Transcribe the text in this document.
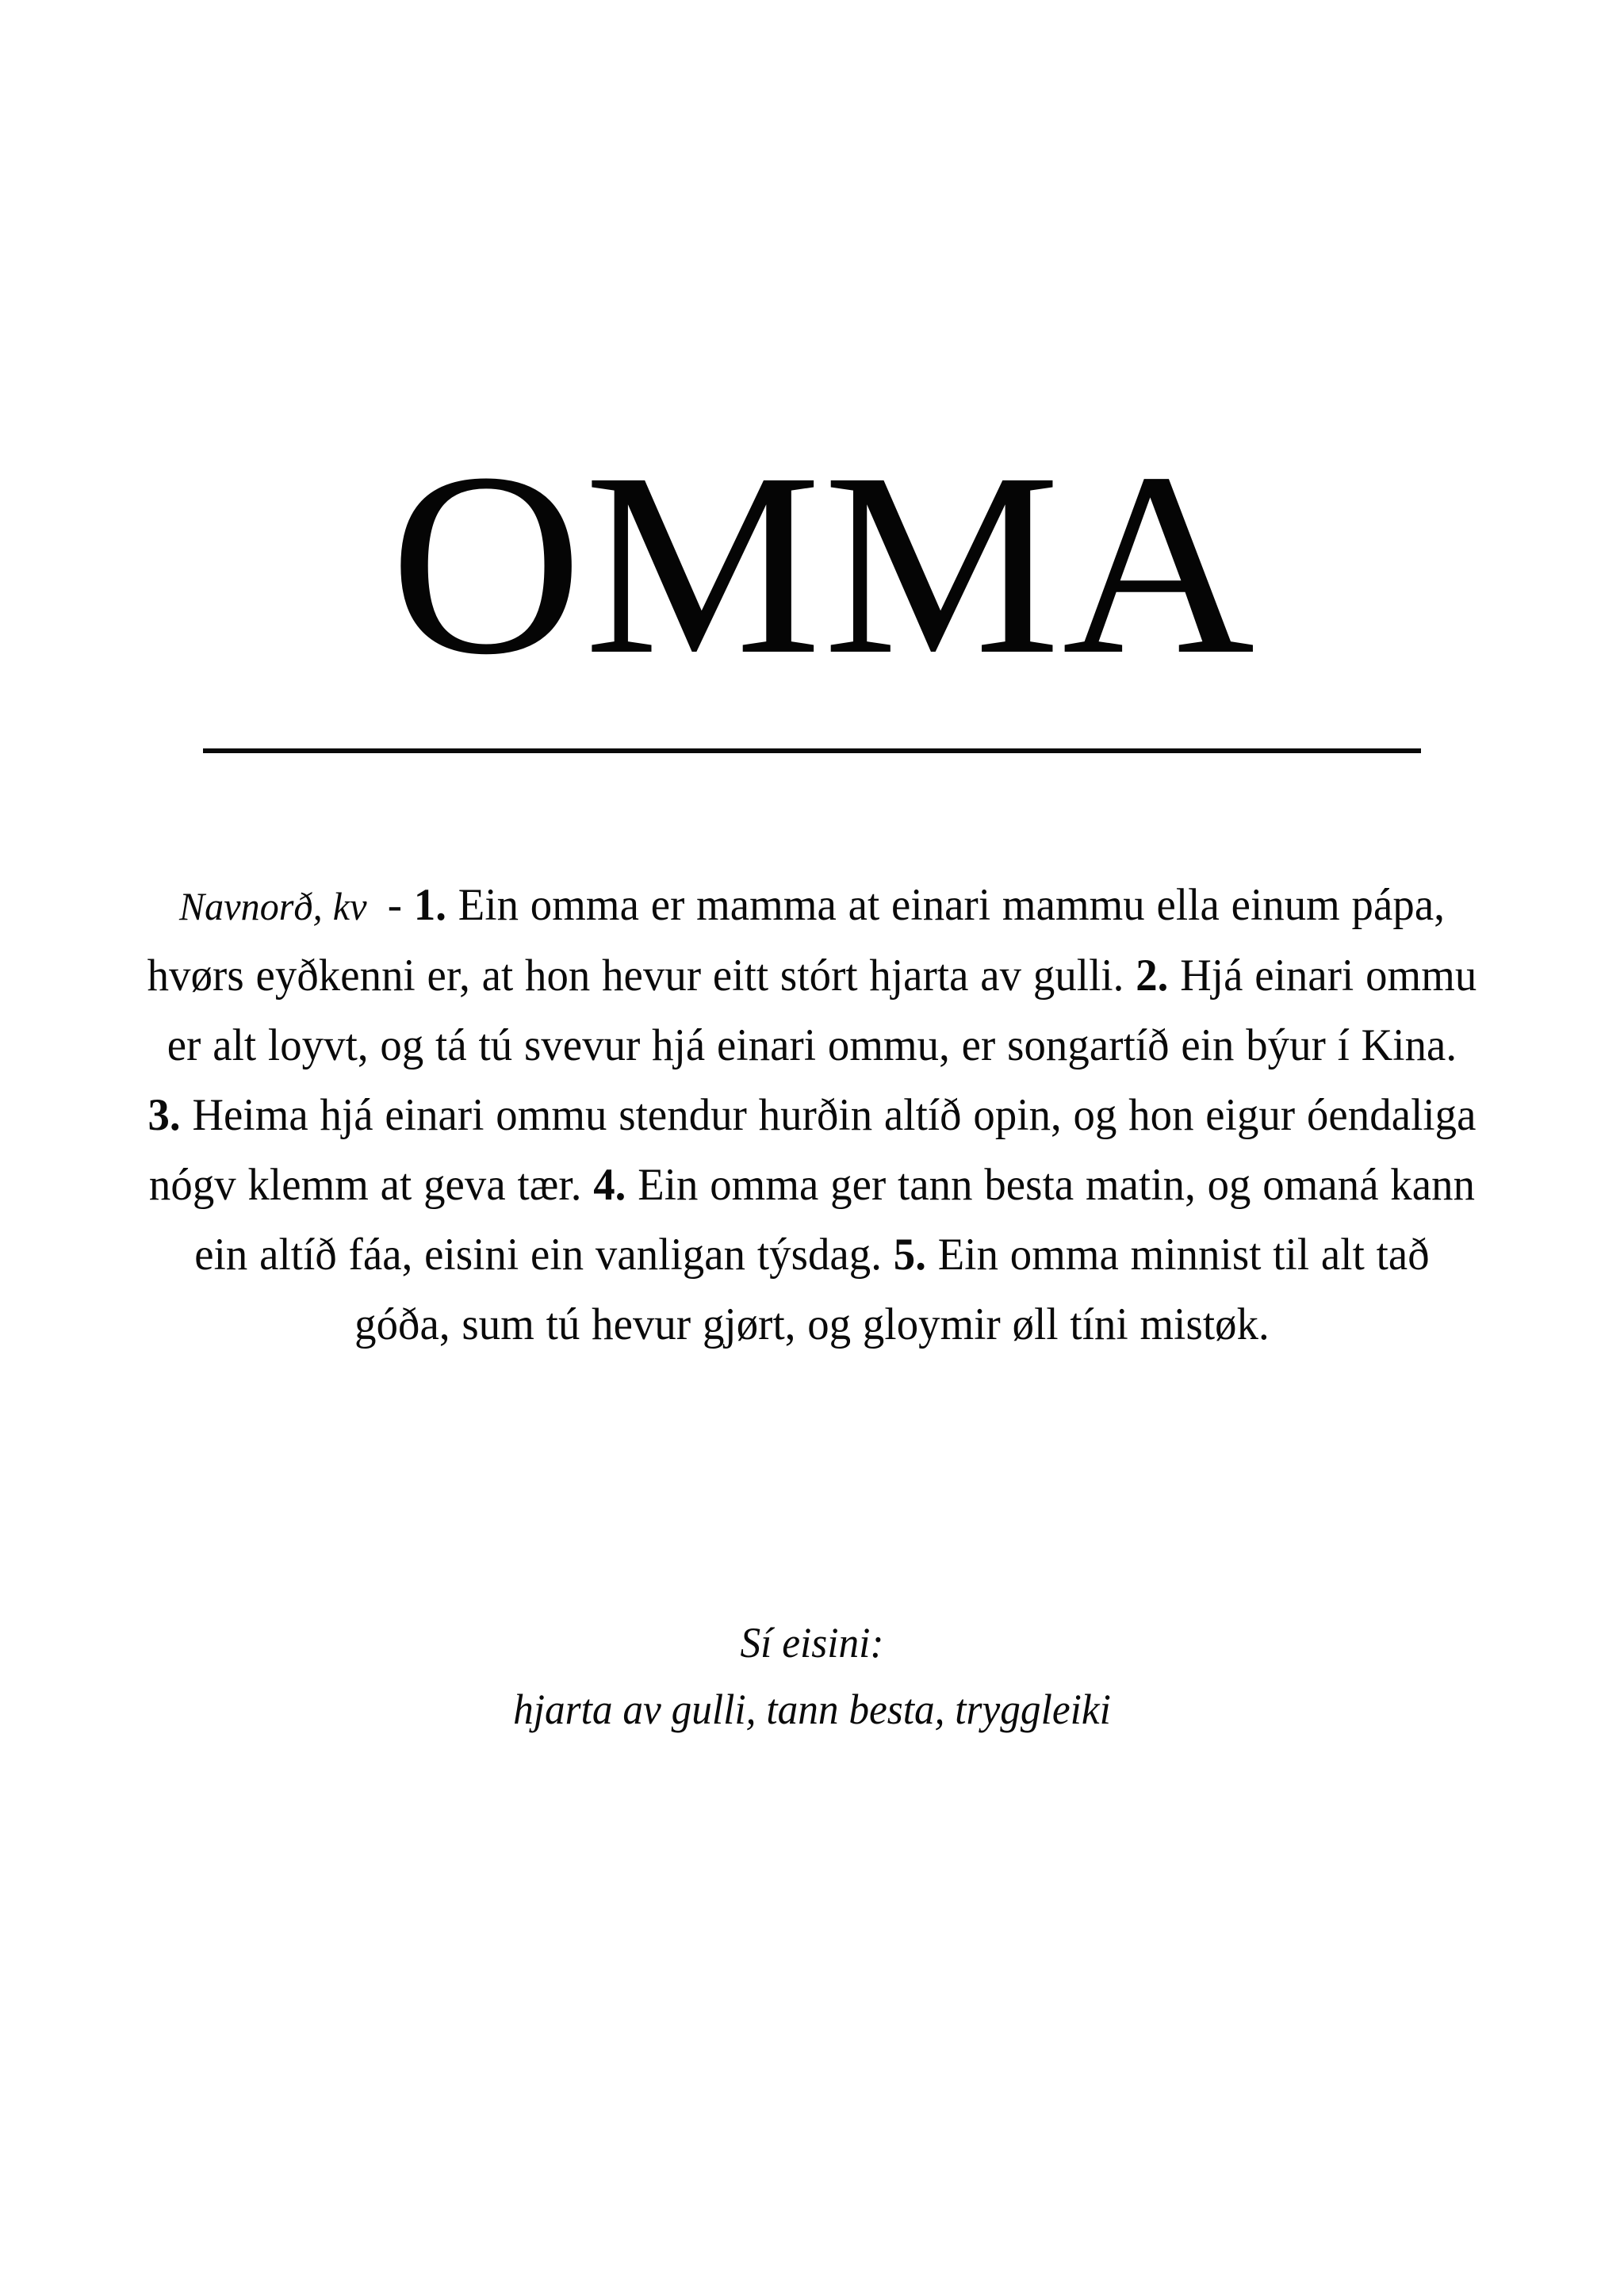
OMMA
Navnorð, kv - 1. Ein omma er mamma at einari mammu ella einum pápa, hvørs eyðkenni er, at hon hevur eitt stórt hjarta av gulli. 2. Hjá einari ommu er alt loyvt, og tá tú svevur hjá einari ommu, er songartíð ein býur í Kina. 3. Heima hjá einari ommu stendur hurðin altíð opin, og hon eigur óendaliga nógv klemm at geva tær. 4. Ein omma ger tann besta matin, og omaná kann ein altíð fáa, eisini ein vanligan týsdag. 5. Ein omma minnist til alt tað góða, sum tú hevur gjørt, og gloymir øll tíni mistøk.
Sí eisini:
hjarta av gulli, tann besta, tryggleiki
